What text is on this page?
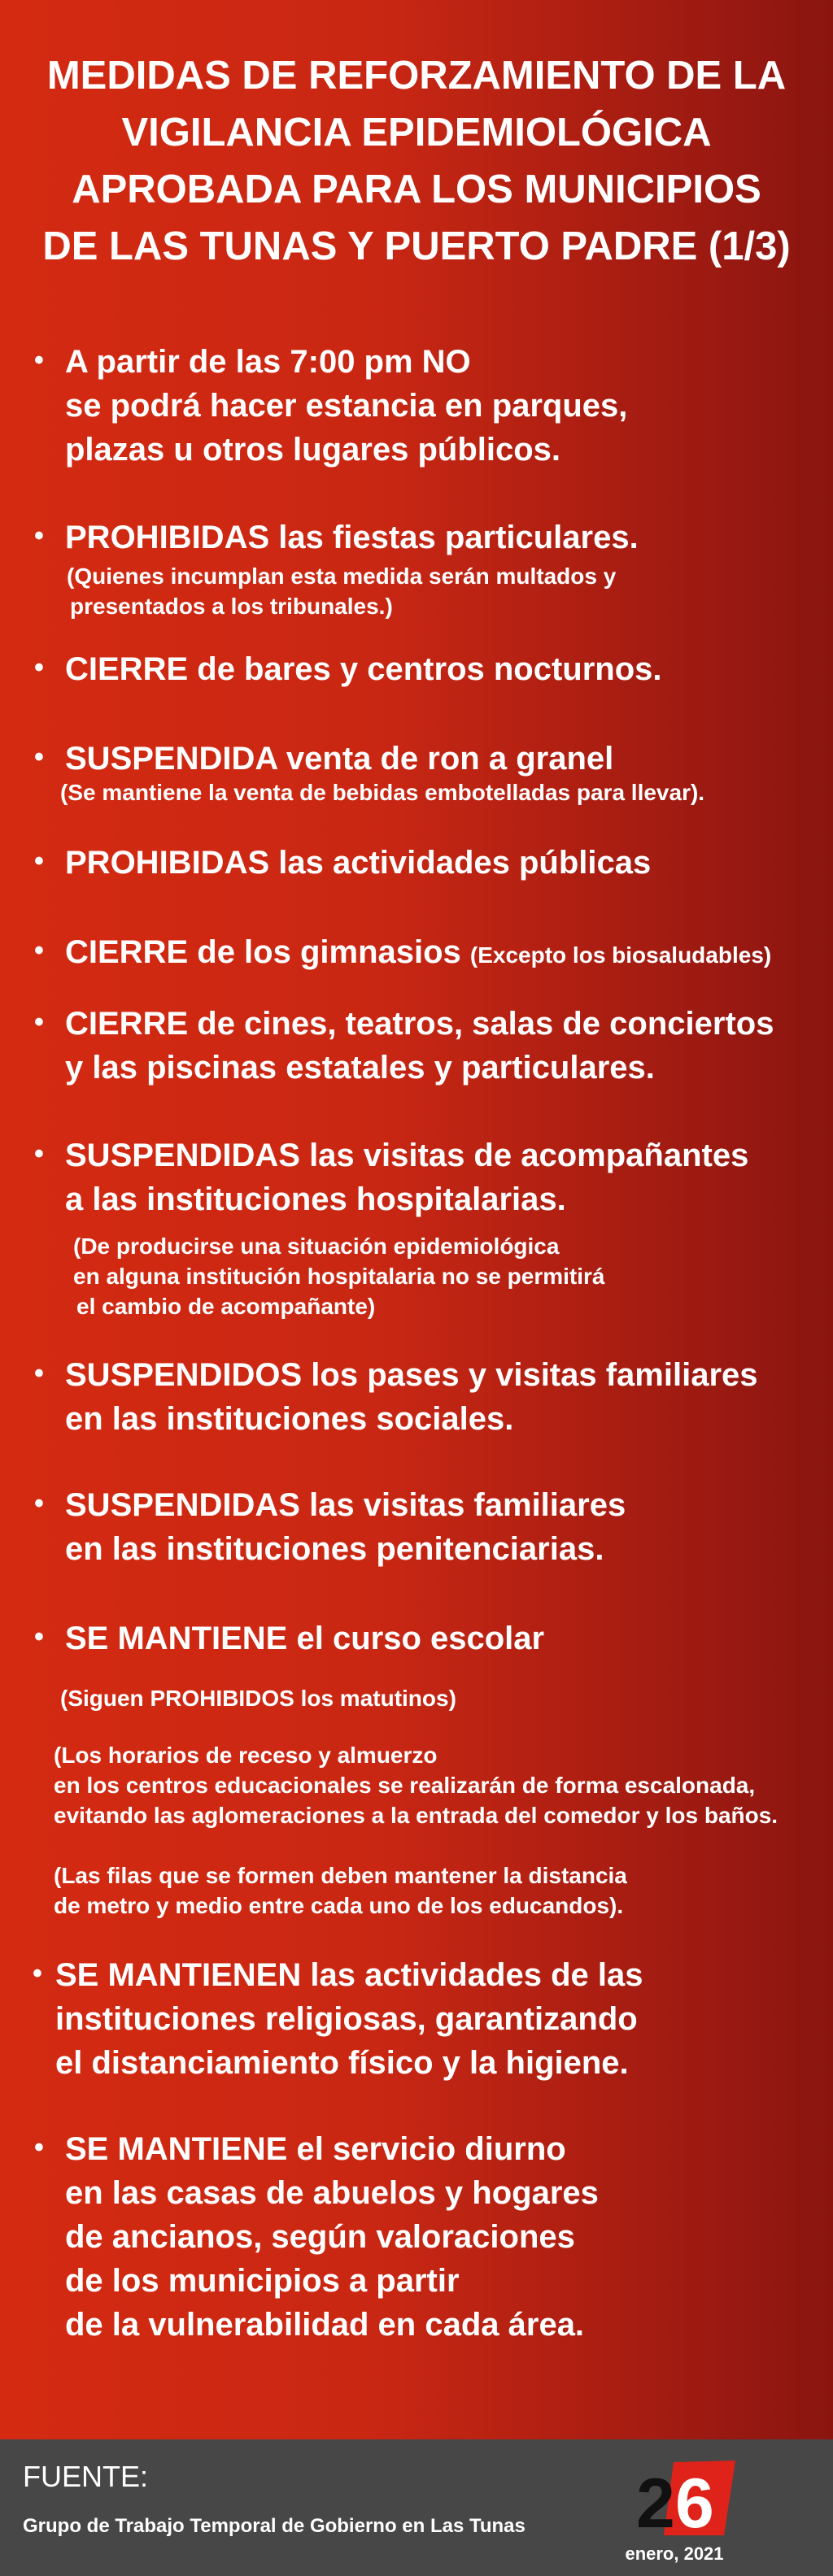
MEDIDAS DE REFORZAMIENTO DE LA
VIGILANCIA EPIDEMIOLÓGICA
APROBADA PARA LOS MUNICIPIOS
DE LAS TUNAS Y PUERTO PADRE (1/3)
• A partir de las 7:00 pm NO
se podrá hacer estancia en parques,
plazas u otros lugares públicos.
• PROHIBIDAS las fiestas particulares.
(Quienes incumplan esta medida serán multados y
presentados a los tribunales.)
• CIERRE de bares y centros nocturnos.
• SUSPENDIDA venta de ron a granel
(Se mantiene la venta de bebidas embotelladas para llevar).
• PROHIBIDAS las actividades públicas
• CIERRE de los gimnasios (Excepto los biosaludables)
• CIERRE de cines, teatros, salas de conciertos
y las piscinas estatales y particulares.
• SUSPENDIDAS las visitas de acompañantes
a las instituciones hospitalarias.
(De producirse una situación epidemiológica
en alguna institución hospitalaria no se permitirá
el cambio de acompañante)
• SUSPENDIDOS los pases y visitas familiares
en las instituciones sociales.
• SUSPENDIDAS las visitas familiares
en las instituciones penitenciarias.
• SE MANTIENE el curso escolar
(Siguen PROHIBIDOS los matutinos)
(Los horarios de receso y almuerzo
en los centros educacionales se realizarán de forma escalonada,
evitando las aglomeraciones a la entrada del comedor y los baños.
(Las filas que se formen deben mantener la distancia
de metro y medio entre cada uno de los educandos).
• SE MANTIENEN las actividades de las
instituciones religiosas, garantizando
el distanciamiento físico y la higiene.
• SE MANTIENE el servicio diurno
en las casas de abuelos y hogares
de ancianos, según valoraciones
de los municipios a partir
de la vulnerabilidad en cada área.
FUENTE:
Grupo de Trabajo Temporal de Gobierno en Las Tunas 2 6
enero, 2021
